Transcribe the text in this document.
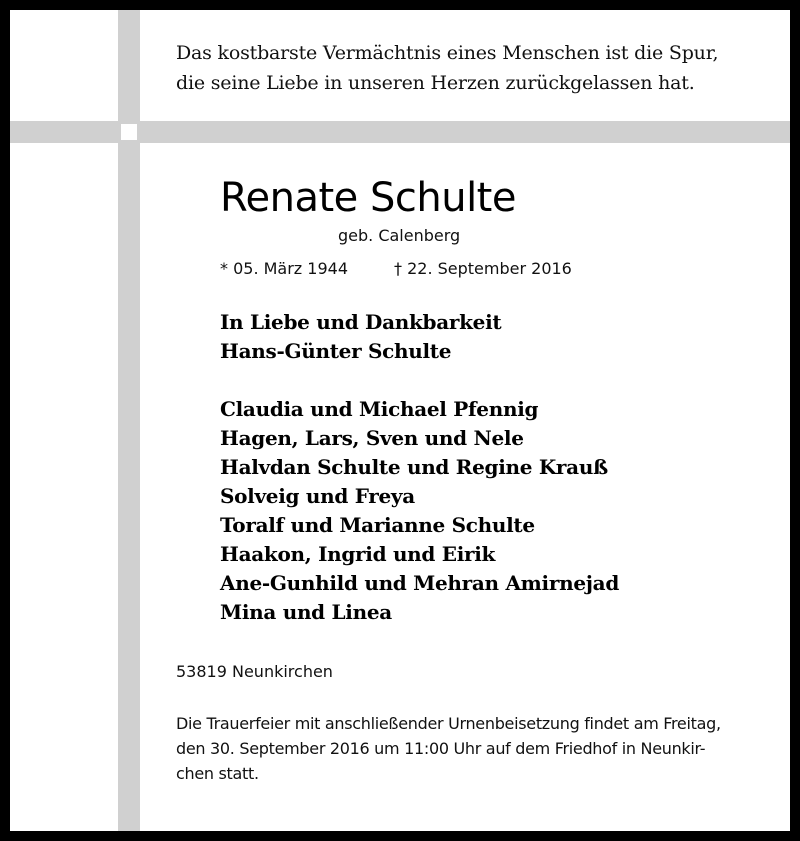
Das kostbarste Vermächtnis eines Menschen ist die Spur,
die seine Liebe in unseren Herzen zurückgelassen hat.
Renate Schulte
geb. Calenberg
* 05. März 1944	† 22. September 2016
In Liebe und Dankbarkeit
Hans-Günter Schulte
Claudia und Michael Pfennig
Hagen, Lars, Sven und Nele
Halvdan Schulte und Regine Krauß
Solveig und Freya
Toralf und Marianne Schulte
Haakon, Ingrid und Eirik
Ane-Gunhild und Mehran Amirnejad
Mina und Linea
53819 Neunkirchen
Die Trauerfeier mit anschließender Urnenbeisetzung findet am Freitag,
den 30. September 2016 um 11:00 Uhr auf dem Friedhof in Neunkir-
chen statt.
